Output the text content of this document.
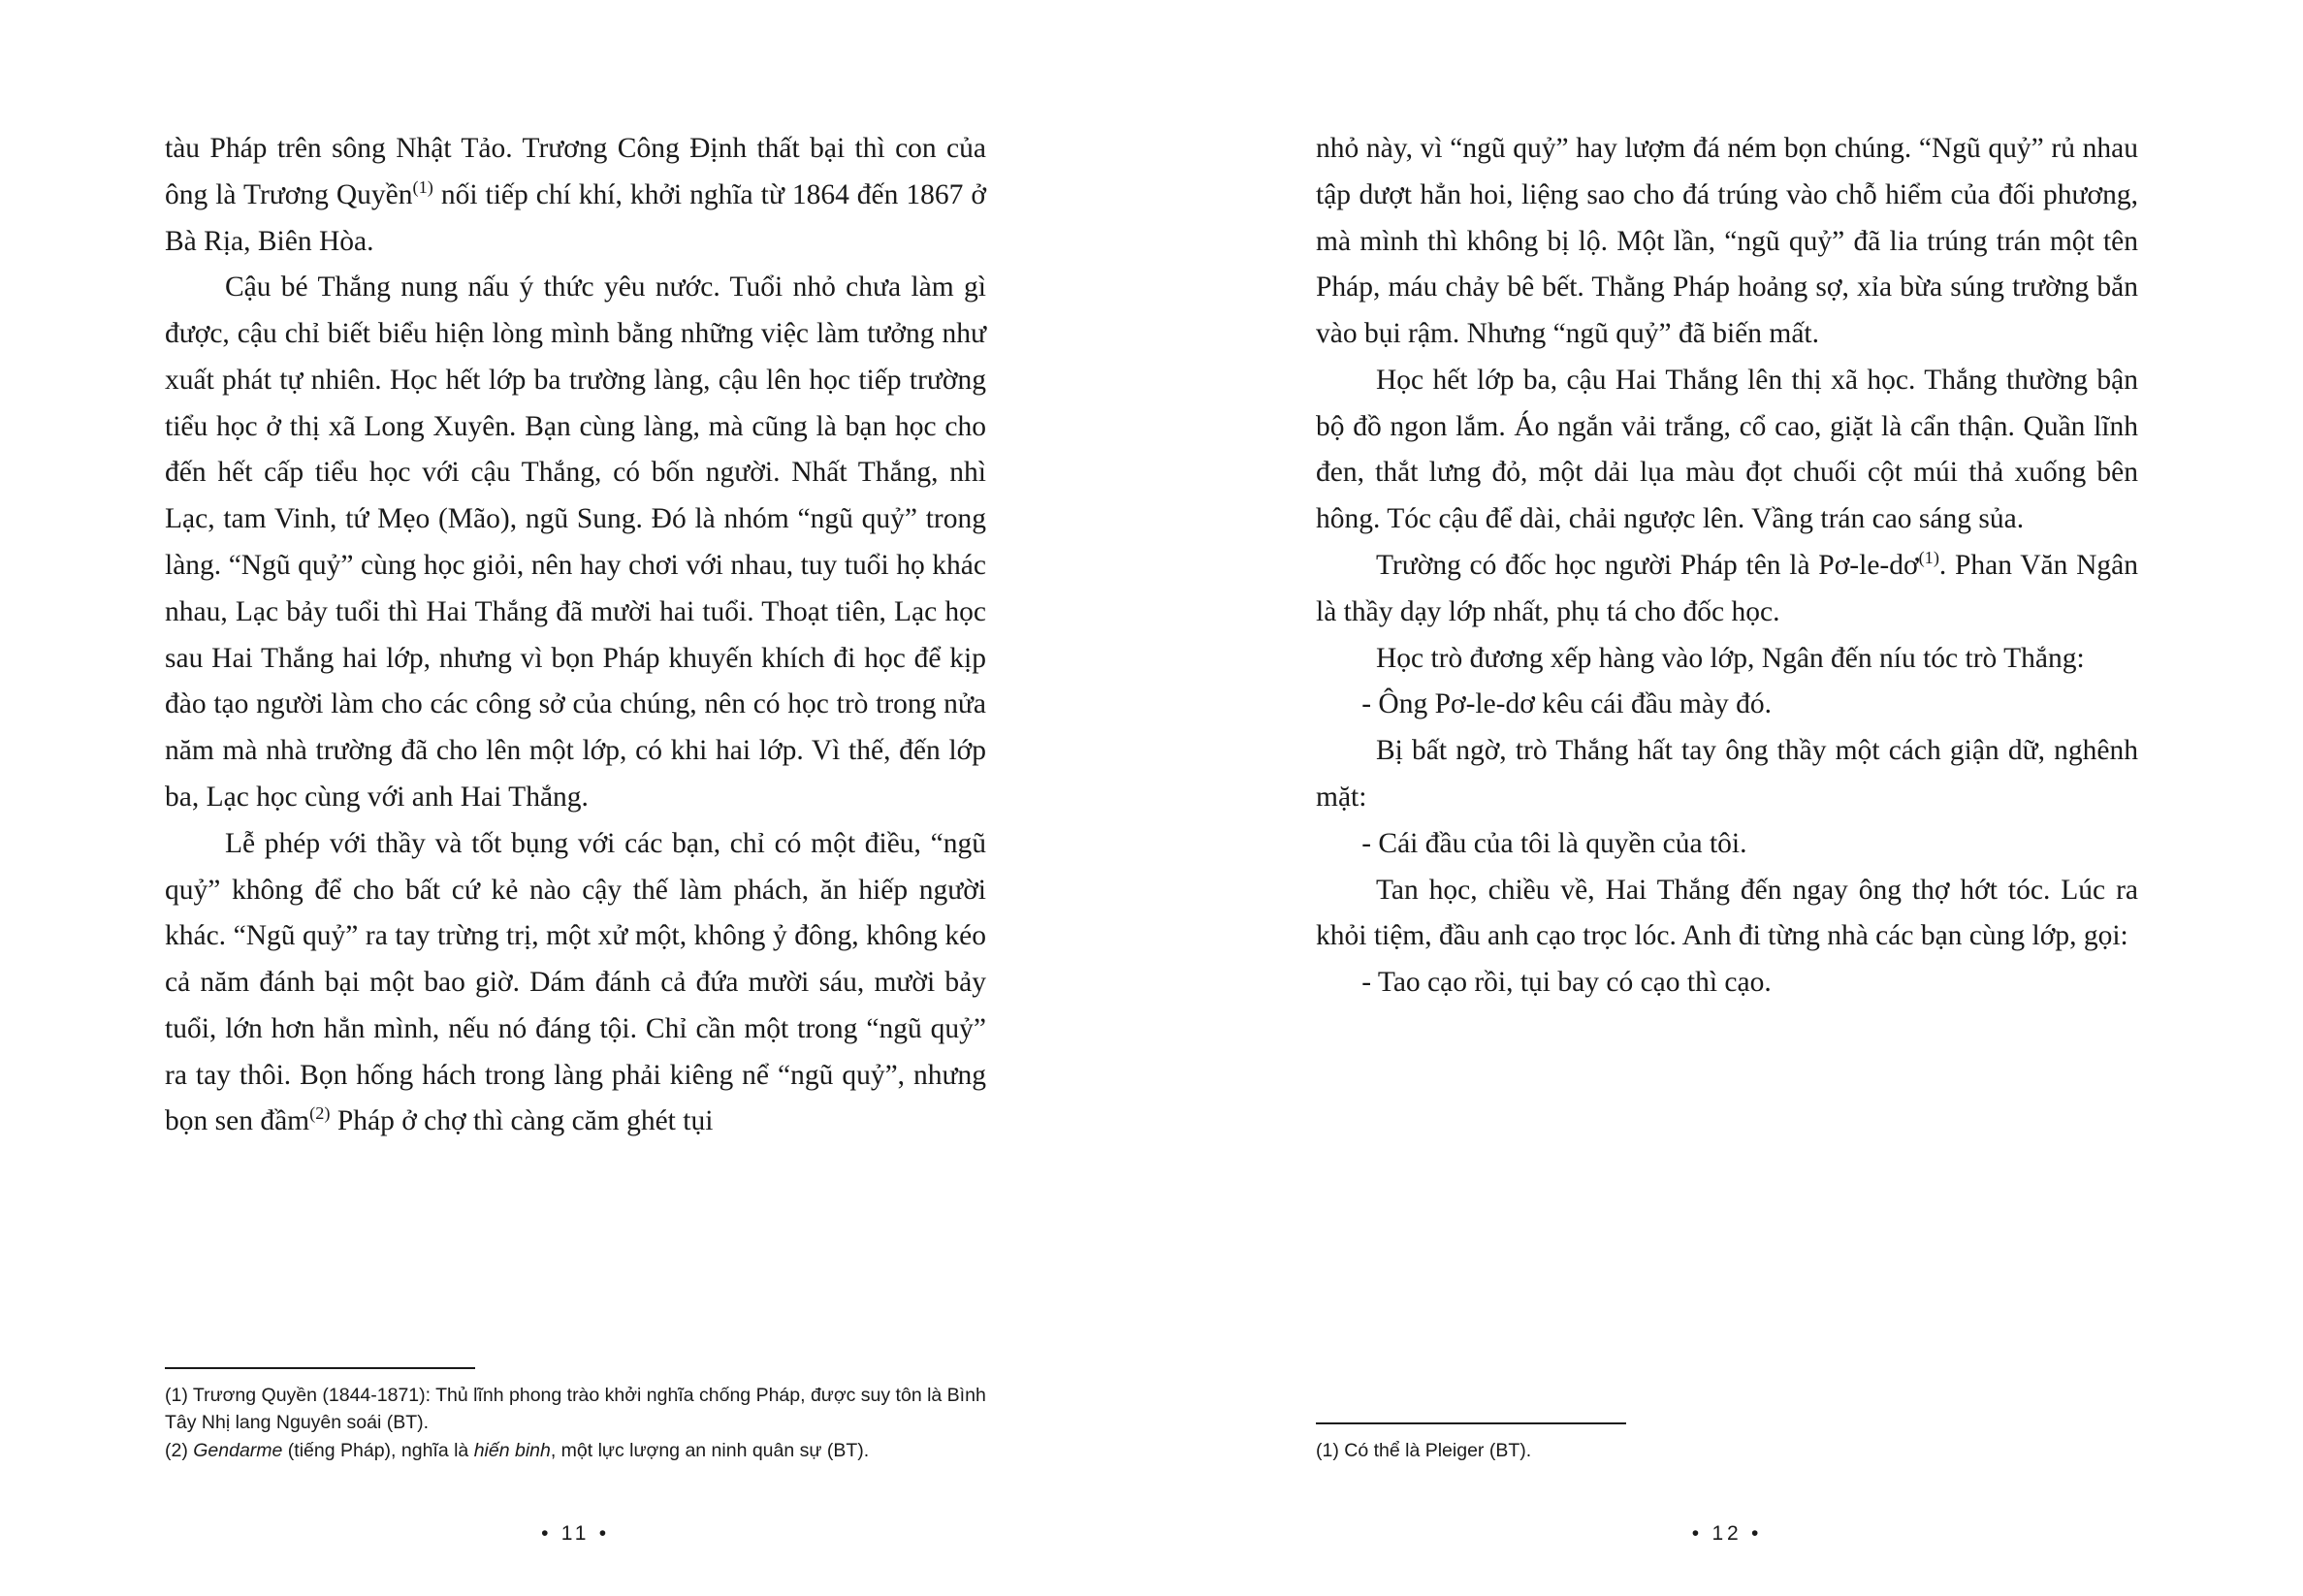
tàu Pháp trên sông Nhật Tảo. Trương Công Định thất bại thì con của ông là Trương Quyền$^{(1)}$ nối tiếp chí khí, khởi nghĩa từ 1864 đến 1867 ở Bà Rịa, Biên Hòa.

Cậu bé Thắng nung nấu ý thức yêu nước. Tuổi nhỏ chưa làm gì được, cậu chỉ biết biểu hiện lòng mình bằng những việc làm tưởng như xuất phát tự nhiên. Học hết lớp ba trường làng, cậu lên học tiếp trường tiểu học ở thị xã Long Xuyên. Bạn cùng làng, mà cũng là bạn học cho đến hết cấp tiểu học với cậu Thắng, có bốn người. Nhất Thắng, nhì Lạc, tam Vinh, tứ Mẹo (Mão), ngũ Sung. Đó là nhóm “ngũ quỷ” trong làng. “Ngũ quỷ” cùng học giỏi, nên hay chơi với nhau, tuy tuổi họ khác nhau, Lạc bảy tuổi thì Hai Thắng đã mười hai tuổi. Thoạt tiên, Lạc học sau Hai Thắng hai lớp, nhưng vì bọn Pháp khuyến khích đi học để kịp đào tạo người làm cho các công sở của chúng, nên có học trò trong nửa năm mà nhà trường đã cho lên một lớp, có khi hai lớp. Vì thế, đến lớp ba, Lạc học cùng với anh Hai Thắng.

Lễ phép với thầy và tốt bụng với các bạn, chỉ có một điều, “ngũ quỷ” không để cho bất cứ kẻ nào cậy thế làm phách, ăn hiếp người khác. “Ngũ quỷ” ra tay trừng trị, một xử một, không ỷ đông, không kéo cả năm đánh bại một bao giờ. Dám đánh cả đứa mười sáu, mười bảy tuổi, lớn hơn hẳn mình, nếu nó đáng tội. Chỉ cần một trong “ngũ quỷ” ra tay thôi. Bọn hống hách trong làng phải kiêng nể “ngũ quỷ”, nhưng bọn sen đầm$^{(2)}$ Pháp ở chợ thì càng căm ghét tụi

(1) Trương Quyền (1844-1871): Thủ lĩnh phong trào khởi nghĩa chống Pháp, được suy tôn là Bình Tây Nhị lang Nguyên soái (BT).

(2) Gendarme (tiếng Pháp), nghĩa là hiến binh, một lực lượng an ninh quân sự (BT).

• 11 •

nhỏ này, vì “ngũ quỷ” hay lượm đá ném bọn chúng. “Ngũ quỷ” rủ nhau tập dượt hẳn hoi, liệng sao cho đá trúng vào chỗ hiểm của đối phương, mà mình thì không bị lộ. Một lần, “ngũ quỷ” đã lia trúng trán một tên Pháp, máu chảy bê bết. Thằng Pháp hoảng sợ, xỉa bừa súng trường bắn vào bụi rậm. Nhưng “ngũ quỷ” đã biến mất.

Học hết lớp ba, cậu Hai Thắng lên thị xã học. Thắng thường bận bộ đồ ngon lắm. Áo ngắn vải trắng, cổ cao, giặt là cẩn thận. Quần lĩnh đen, thắt lưng đỏ, một dải lụa màu đọt chuối cột múi thả xuống bên hông. Tóc cậu để dài, chải ngược lên. Vầng trán cao sáng sủa.

Trường có đốc học người Pháp tên là $Pơ-le-dơ^{(1)}$. Phan Văn Ngân là thầy dạy lớp nhất, phụ tá cho đốc học.

Học trò đương xếp hàng vào lớp, Ngân đến níu tóc trò Thắng:

- Ông Pơ-le-dơ kêu cái đầu mày đó.

Bị bất ngờ, trò Thắng hất tay ông thầy một cách giận dữ, nghênh mặt:

- Cái đầu của tôi là quyền của tôi.

Tan học, chiều về, Hai Thắng đến ngay ông thợ hớt tóc. Lúc ra khỏi tiệm, đầu anh cạo trọc lóc. Anh đi từng nhà các bạn cùng lớp, gọi:

- Tao cạo rồi, tụi bay có cạo thì cạo.

(1) Có thể là Pleiger (BT).

• 12 •
